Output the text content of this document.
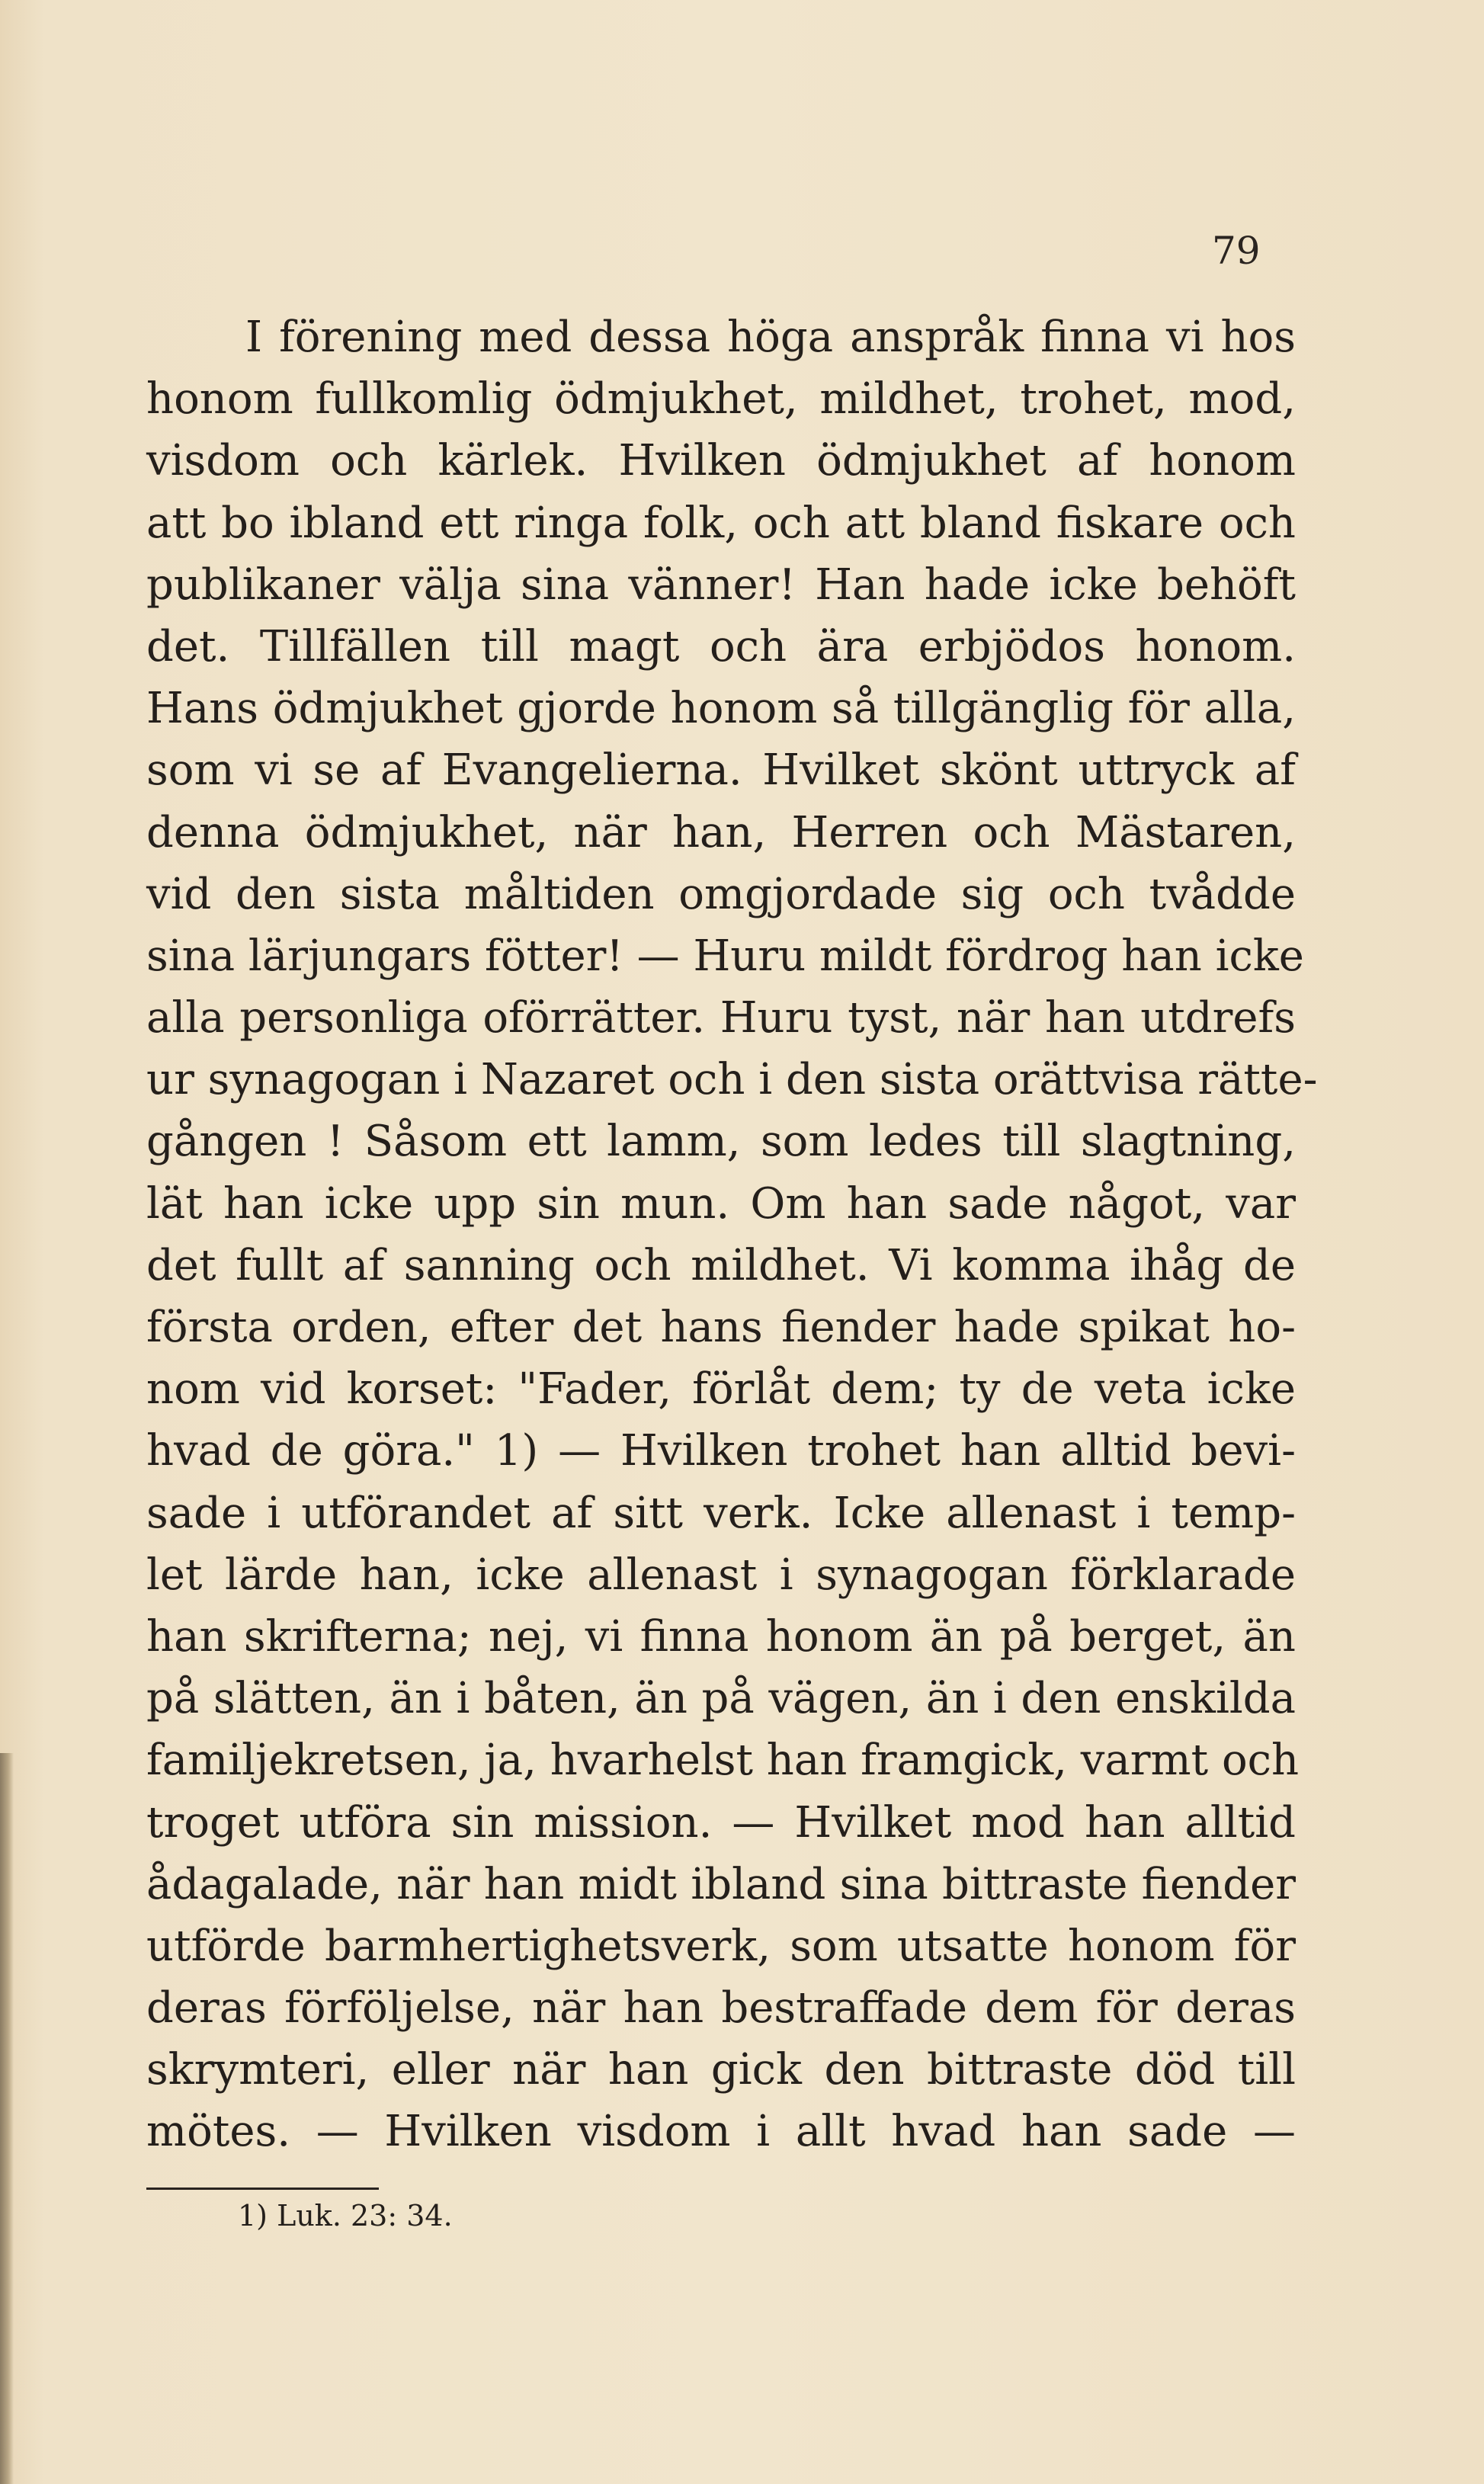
79
I förening med dessa höga anspråk finna vi hos
honom fullkomlig ödmjukhet, mildhet, trohet, mod,
visdom och kärlek. Hvilken ödmjukhet af honom
att bo ibland ett ringa folk, och att bland fiskare och
publikaner välja sina vänner! Han hade icke behöft
det. Tillfällen till magt och ära erbjödos honom.
Hans ödmjukhet gjorde honom så tillgänglig för alla,
som vi se af Evangelierna. Hvilket skönt uttryck af
denna ödmjukhet, när han, Herren och Mästaren,
vid den sista måltiden omgjordade sig och tvådde
sina lärjungars fötter! — Huru mildt fördrog han icke
alla personliga oförrätter. Huru tyst, när han utdrefs
ur synagogan i Nazaret och i den sista orättvisa rätte-
gången ! Såsom ett lamm, som ledes till slagtning,
lät han icke upp sin mun. Om han sade något, var
det fullt af sanning och mildhet. Vi komma ihåg de
första orden, efter det hans fiender hade spikat ho-
nom vid korset: "Fader, förlåt dem; ty de veta icke
hvad de göra." 1) — Hvilken trohet han alltid bevi-
sade i utförandet af sitt verk. Icke allenast i temp-
let lärde han, icke allenast i synagogan förklarade
han skrifterna; nej, vi finna honom än på berget, än
på slätten, än i båten, än på vägen, än i den enskilda
familjekretsen, ja, hvarhelst han framgick, varmt och
troget utföra sin mission. — Hvilket mod han alltid
ådagalade, när han midt ibland sina bittraste fiender
utförde barmhertighetsverk, som utsatte honom för
deras förföljelse, när han bestraffade dem för deras
skrymteri, eller när han gick den bittraste död till
mötes. — Hvilken visdom i allt hvad han sade —
1) Luk. 23: 34.
